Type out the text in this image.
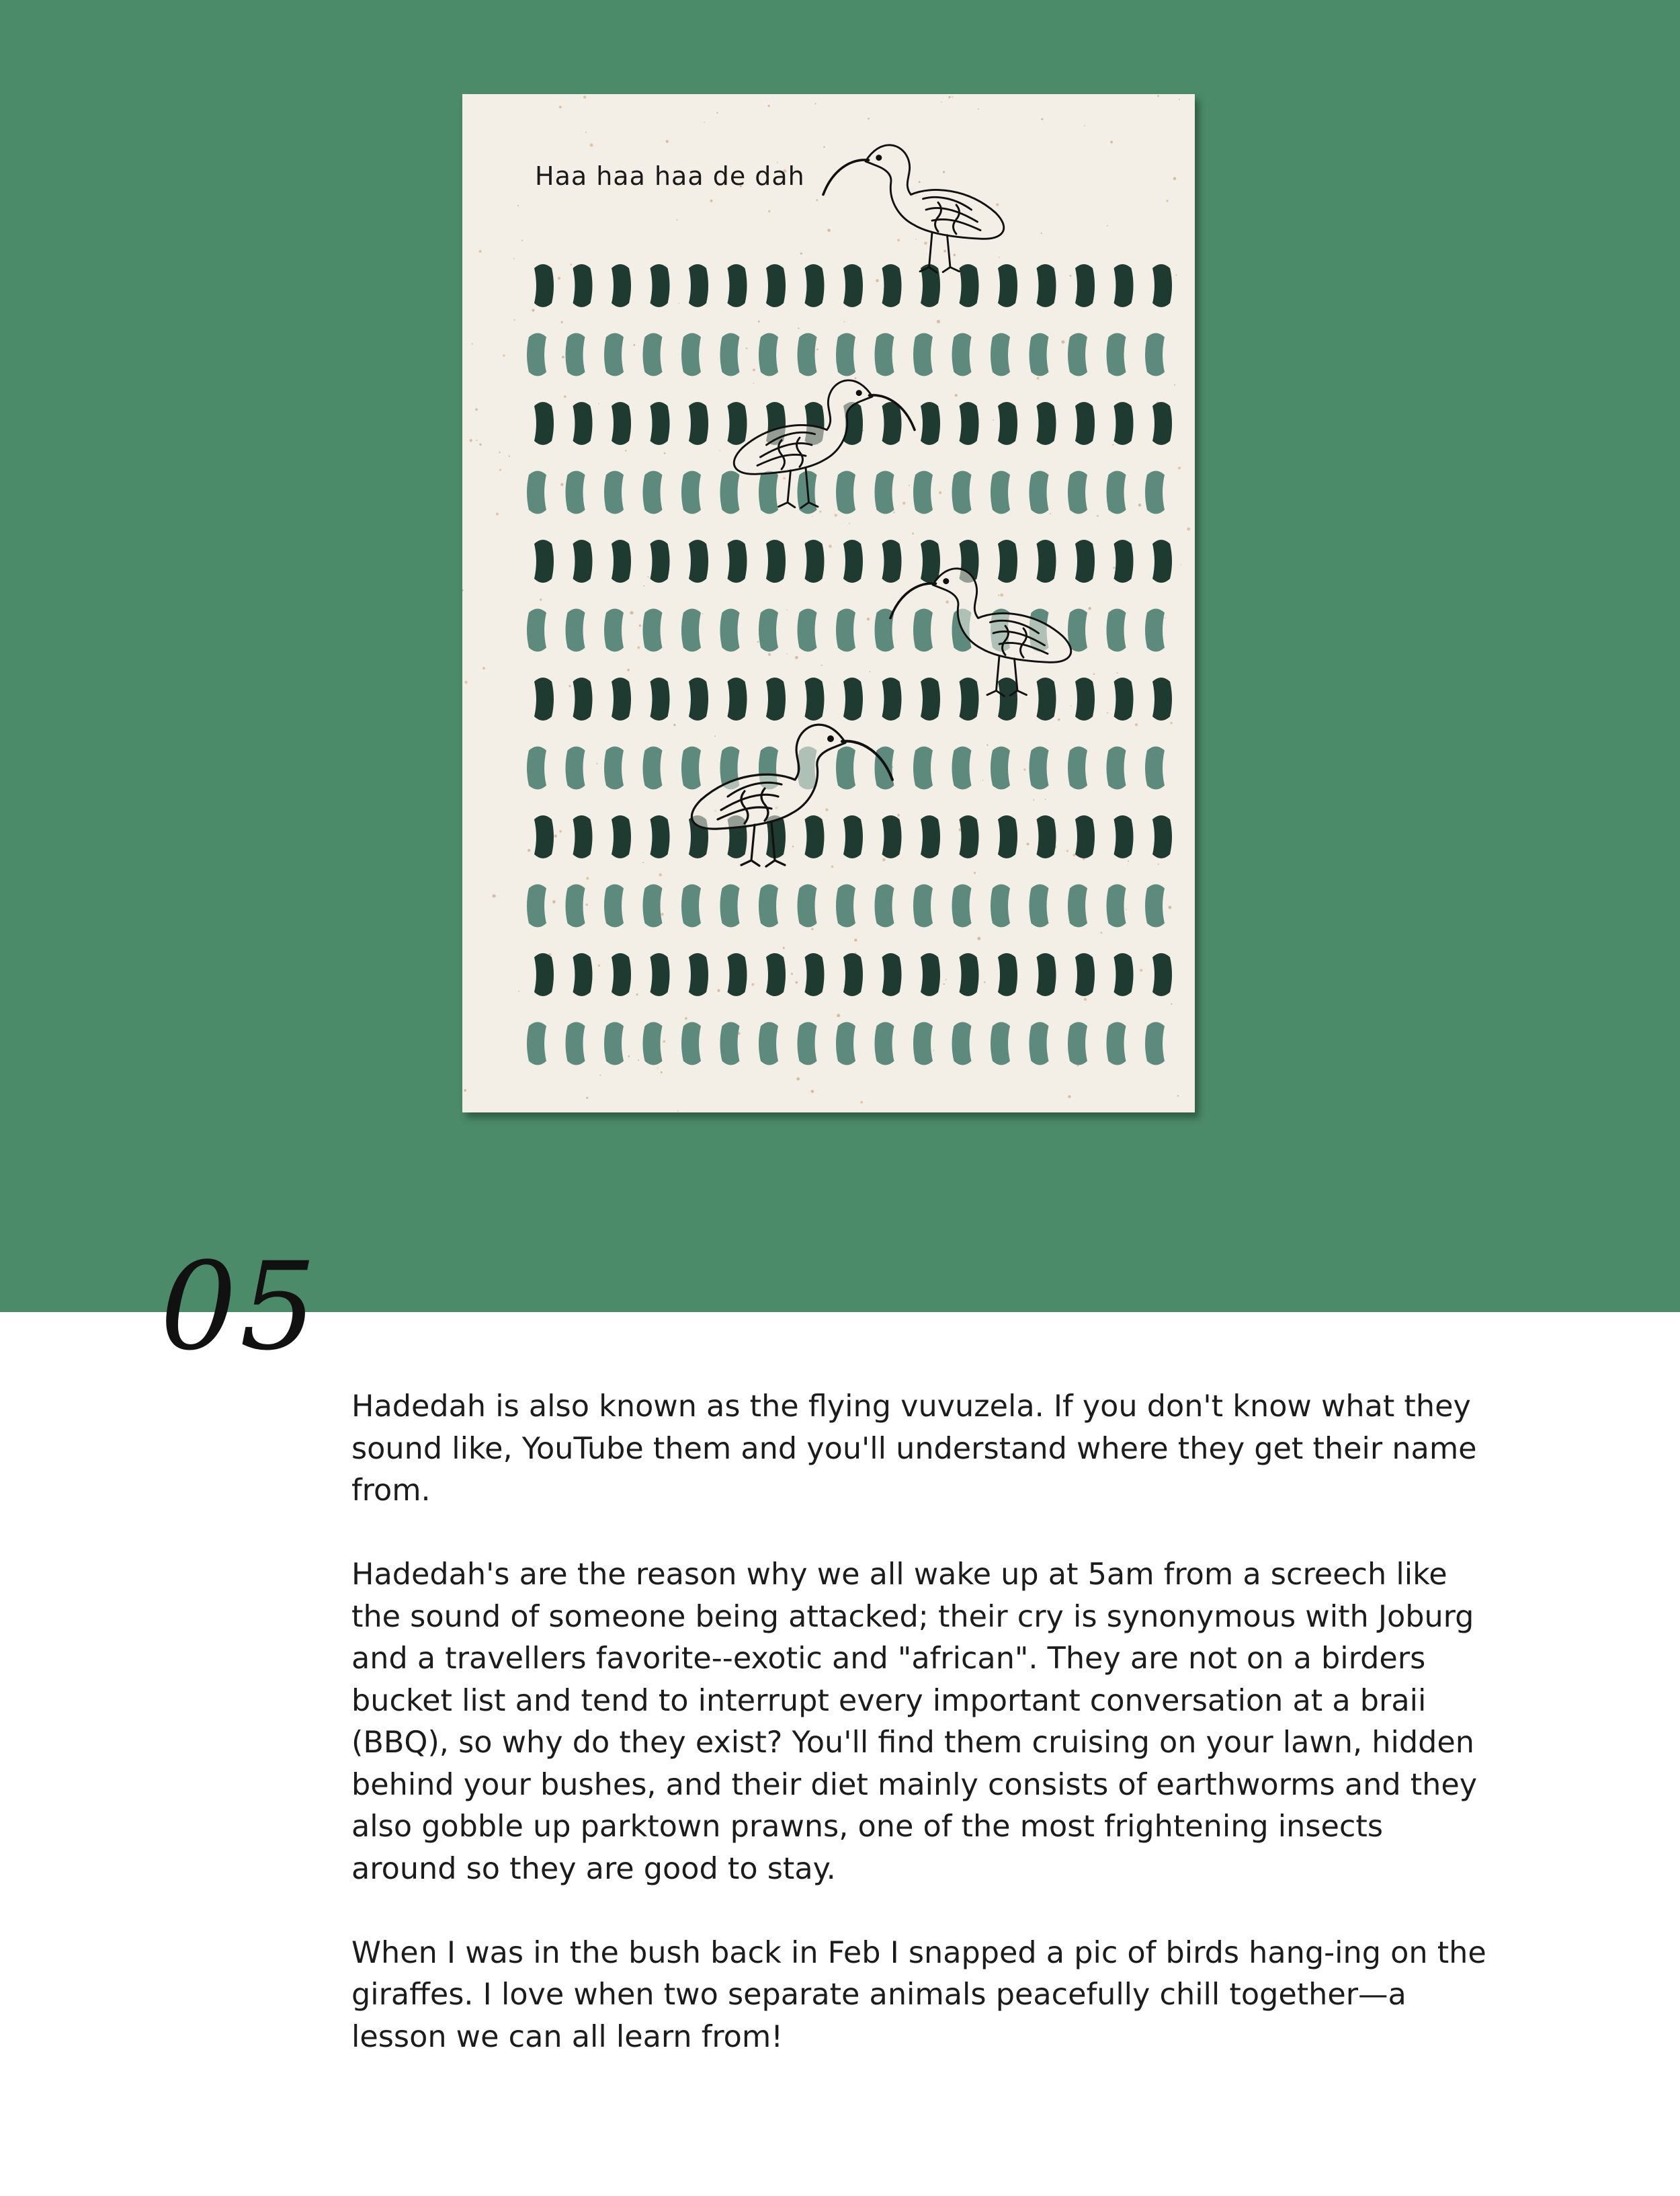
Haa haa haa de dah
05

Hadedah is also known as the flying vuvuzela. If you don't know what they sound like, YouTube them and you'll understand where they get their name from.

Hadedah's are the reason why we all wake up at 5am from a screech like the sound of someone being attacked; their cry is synonymous with Joburg and a travellers favorite--exotic and "african". They are not on a birders bucket list and tend to interrupt every important conversation at a braii (BBQ), so why do they exist? You'll find them cruising on your lawn, hidden behind your bushes, and their diet mainly consists of earthworms and they also gobble up parktown prawns, one of the most frightening insects around so they are good to stay.

When I was in the bush back in Feb I snapped a pic of birds hang-ing on the giraffes. I love when two separate animals peacefully chill together—a lesson we can all learn from!
